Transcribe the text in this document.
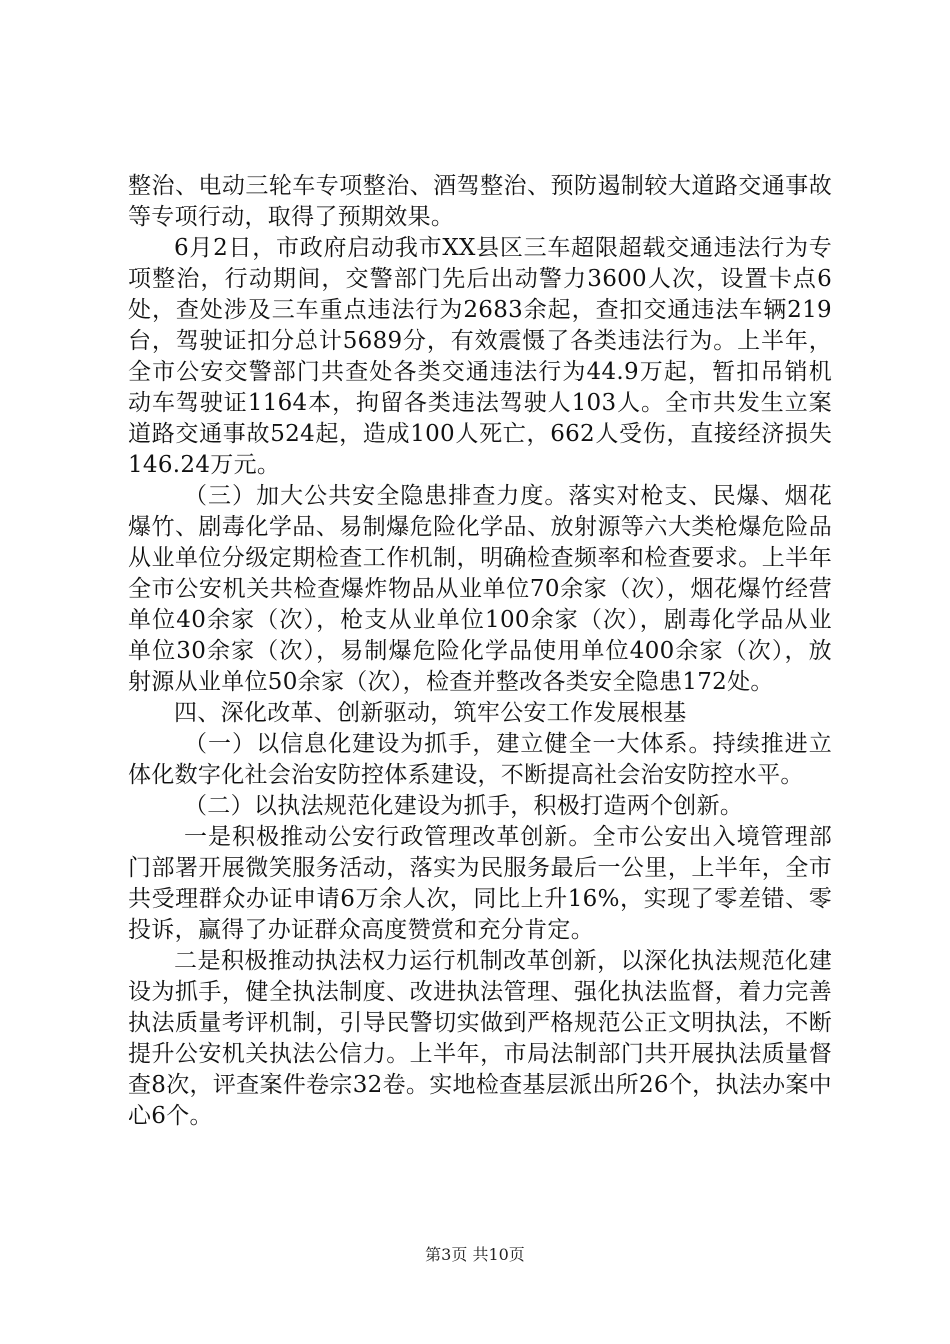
整治、电动三轮车专项整治、酒驾整治、预防遏制较大道路交通事故等专项行动，取得了预期效果。

6月2日，市政府启动我市XX县区三车超限超载交通违法行为专项整治，行动期间，交警部门先后出动警力3600人次，设置卡点6处，查处涉及三车重点违法行为2683余起，查扣交通违法车辆219台，驾驶证扣分总计5689分，有效震慑了各类违法行为。上半年，全市公安交警部门共查处各类交通违法行为44.9万起，暂扣吊销机动车驾驶证1164本，拘留各类违法驾驶人103人。全市共发生立案道路交通事故524起，造成100人死亡，662人受伤，直接经济损失146.24万元。

（三）加大公共安全隐患排查力度。落实对枪支、民爆、烟花爆竹、剧毒化学品、易制爆危险化学品、放射源等六大类枪爆危险品从业单位分级定期检查工作机制，明确检查频率和检查要求。上半年全市公安机关共检查爆炸物品从业单位70余家（次），烟花爆竹经营单位40余家（次），枪支从业单位100余家（次），剧毒化学品从业单位30余家（次），易制爆危险化学品使用单位400余家（次），放射源从业单位50余家（次），检查并整改各类安全隐患172处。

四、深化改革、创新驱动，筑牢公安工作发展根基

（一）以信息化建设为抓手，建立健全一大体系。持续推进立体化数字化社会治安防控体系建设，不断提高社会治安防控水平。

（二）以执法规范化建设为抓手，积极打造两个创新。

一是积极推动公安行政管理改革创新。全市公安出入境管理部门部署开展微笑服务活动，落实为民服务最后一公里，上半年，全市共受理群众办证申请6万余人次，同比上升16%，实现了零差错、零投诉，赢得了办证群众高度赞赏和充分肯定。

二是积极推动执法权力运行机制改革创新，以深化执法规范化建设为抓手，健全执法制度、改进执法管理、强化执法监督，着力完善执法质量考评机制，引导民警切实做到严格规范公正文明执法，不断提升公安机关执法公信力。上半年，市局法制部门共开展执法质量督查8次，评查案件卷宗32卷。实地检查基层派出所26个，执法办案中心6个。

第3页 共10页
